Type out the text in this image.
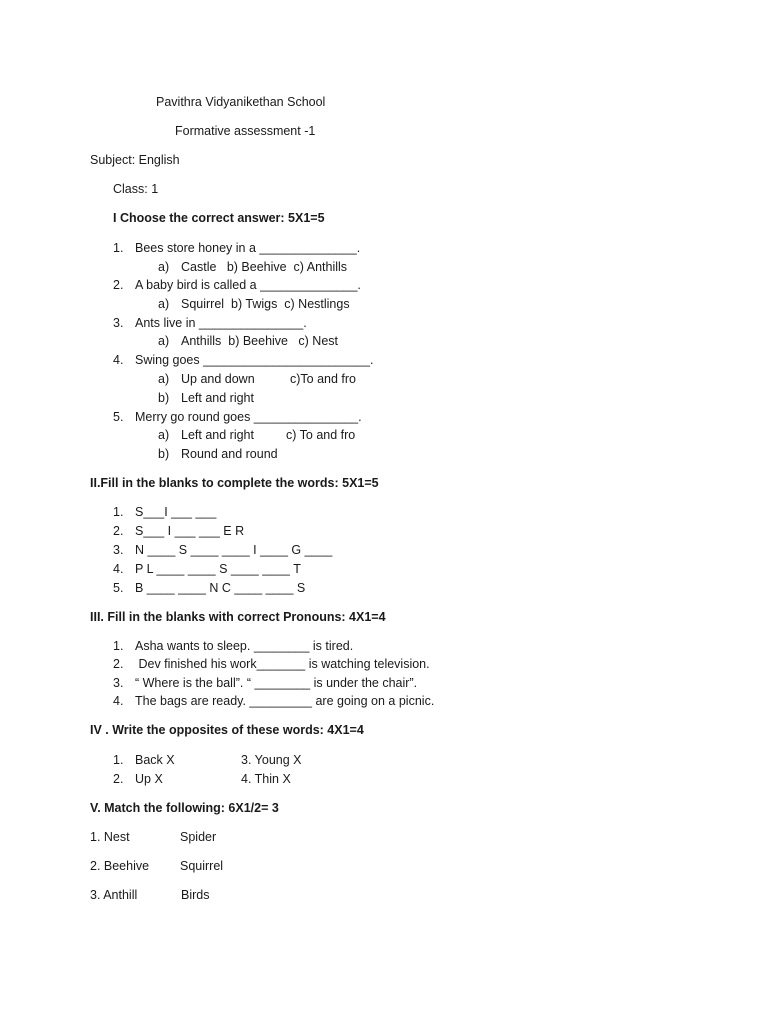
Pavithra Vidyanikethan School
Formative assessment -1
Subject: English
Class: 1
I Choose the correct answer: 5X1=5
1. Bees store honey in a ______________.
a) Castle   b) Beehive  c) Anthills
2. A baby bird is called a ______________.
a) Squirrel  b) Twigs  c) Nestlings
3. Ants live in _______________.
a) Anthills  b) Beehive   c) Nest
4. Swing goes ________________________.
a) Up and down	c)To and fro
b) Left and right
5. Merry go round goes _______________.
a) Left and right	c) To and fro
b) Round and round
II.Fill in the blanks to complete the words: 5X1=5
1. S___I ___ ___
2. S___ I ___ ___ E R
3. N ____ S ____ ____ I ____ G ____
4. P L ____ ____ S ____ ____ T
5. B ____ ____ N C ____ ____ S
III. Fill in the blanks with correct Pronouns: 4X1=4
1. Asha wants to sleep. ________ is tired.
2. Dev finished his work_______ is watching television.
3. “ Where is the ball”. “ ________ is under the chair”.
4. The bags are ready. _________ are going on a picnic.
IV . Write the opposites of these words: 4X1=4
1. Back X	3. Young X
2. Up X	4. Thin X
V. Match the following: 6X1/2= 3
1. Nest	Spider
2. Beehive Squirrel
3. Anthill	Birds
